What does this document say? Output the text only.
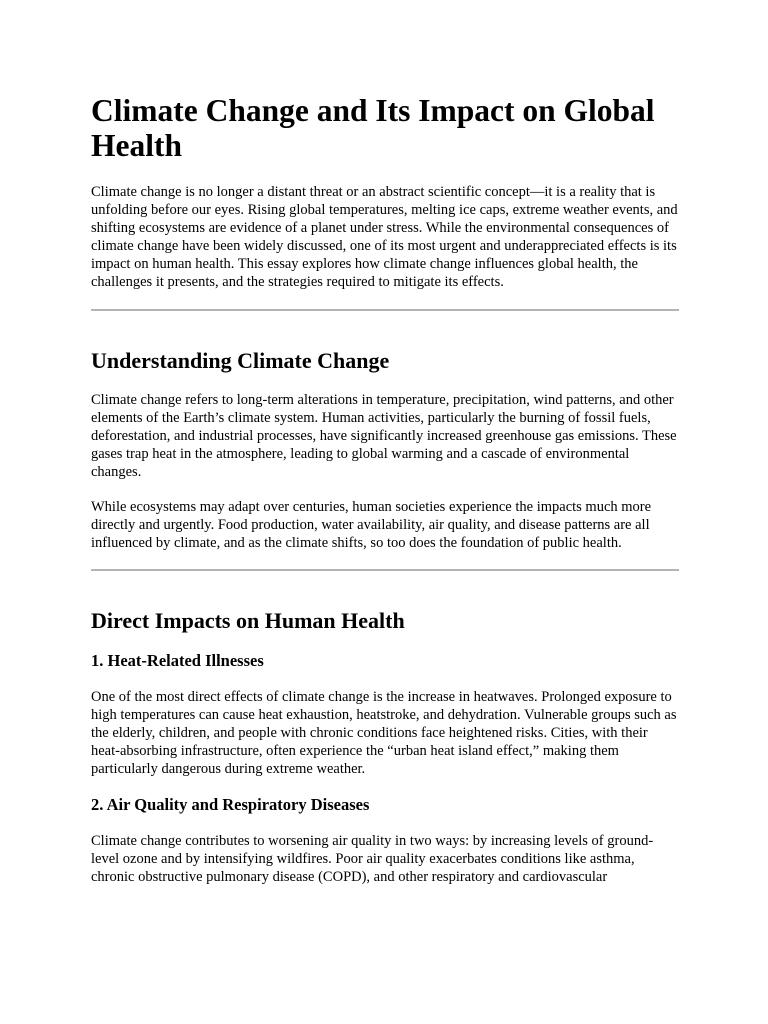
Climate Change and Its Impact on Global Health

Climate change is no longer a distant threat or an abstract scientific concept—it is a reality that is unfolding before our eyes. Rising global temperatures, melting ice caps, extreme weather events, and shifting ecosystems are evidence of a planet under stress. While the environmental consequences of climate change have been widely discussed, one of its most urgent and underappreciated effects is its impact on human health. This essay explores how climate change influences global health, the challenges it presents, and the strategies required to mitigate its effects.

Understanding Climate Change

Climate change refers to long-term alterations in temperature, precipitation, wind patterns, and other elements of the Earth’s climate system. Human activities, particularly the burning of fossil fuels, deforestation, and industrial processes, have significantly increased greenhouse gas emissions. These gases trap heat in the atmosphere, leading to global warming and a cascade of environmental changes.

While ecosystems may adapt over centuries, human societies experience the impacts much more directly and urgently. Food production, water availability, air quality, and disease patterns are all influenced by climate, and as the climate shifts, so too does the foundation of public health.

Direct Impacts on Human Health
1. Heat-Related Illnesses

One of the most direct effects of climate change is the increase in heatwaves. Prolonged exposure to high temperatures can cause heat exhaustion, heatstroke, and dehydration. Vulnerable groups such as the elderly, children, and people with chronic conditions face heightened risks. Cities, with their heat-absorbing infrastructure, often experience the “urban heat island effect,” making them particularly dangerous during extreme weather.

2. Air Quality and Respiratory Diseases

Climate change contributes to worsening air quality in two ways: by increasing levels of ground-level ozone and by intensifying wildfires. Poor air quality exacerbates conditions like asthma, chronic obstructive pulmonary disease (COPD), and other respiratory and cardiovascular
